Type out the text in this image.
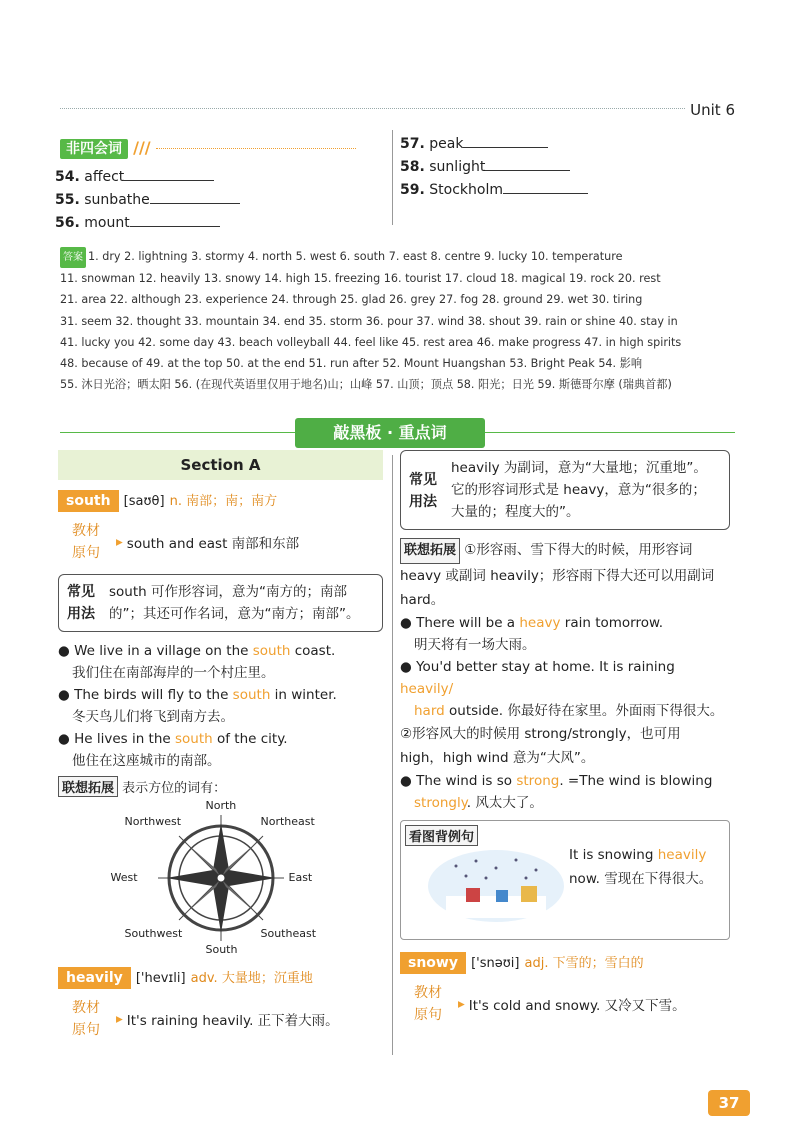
Unit 6
非四会词 ///
54. affect
55. sunbathe
56. mount
57. peak
58. sunlight
59. Stockholm
答案 1. dry 2. lightning 3. stormy 4. north 5. west 6. south 7. east 8. centre 9. lucky 10. temperature
11. snowman 12. heavily 13. snowy 14. high 15. freezing 16. tourist 17. cloud 18. magical 19. rock 20. rest
21. area 22. although 23. experience 24. through 25. glad 26. grey 27. fog 28. ground 29. wet 30. tiring
31. seem 32. thought 33. mountain 34. end 35. storm 36. pour 37. wind 38. shout 39. rain or shine 40. stay in
41. lucky you 42. some day 43. beach volleyball 44. feel like 45. rest area 46. make progress 47. in high spirits
48. because of 49. at the top 50. at the end 51. run after 52. Mount Huangshan 53. Bright Peak 54. 影响
55. 沐日光浴；晒太阳 56. (在现代英语里仅用于地名)山；山峰 57. 山顶；顶点 58. 阳光；日光 59. 斯德哥尔摩 (瑞典首都)
敲黑板 · 重点词
Section A
south [saʊθ] n. 南部；南；南方
教材
原句
▸ south and east 南部和东部
常见
用法
south 可作形容词，意为“南方的；南部
的”；其还可作名词，意为“南方；南部”。
● We live in a village on the south coast.
我们住在南部海岸的一个村庄里。
● The birds will fly to the south in winter.
冬天鸟儿们将飞到南方去。
● He lives in the south of the city.
他住在这座城市的南部。
联想拓展 表示方位的词有：
North
South
East
West
Northeast
Northwest
Southeast
Southwest
heavily ['hevɪli] adv. 大量地；沉重地
教材
原句
▸ It's raining heavily. 正下着大雨。
常见
用法
heavily 为副词，意为“大量地；沉重地”。
它的形容词形式是 heavy，意为“很多的；
大量的；程度大的”。
联想拓展 ①形容雨、雪下得大的时候，用形容词
heavy 或副词 heavily；形容雨下得大还可以用副词
hard。
● There will be a heavy rain tomorrow.
明天将有一场大雨。
● You'd better stay at home. It is raining heavily/
hard outside. 你最好待在家里。外面雨下得很大。
②形容风大的时候用 strong/strongly，也可用
high，high wind 意为“大风”。
● The wind is so strong. =The wind is blowing
strongly. 风太大了。
看图背例句
It is snowing heavily now. 雪现在下得很大。
snowy ['snəʊi] adj. 下雪的；雪白的
教材
原句
▸ It's cold and snowy. 又冷又下雪。
37
